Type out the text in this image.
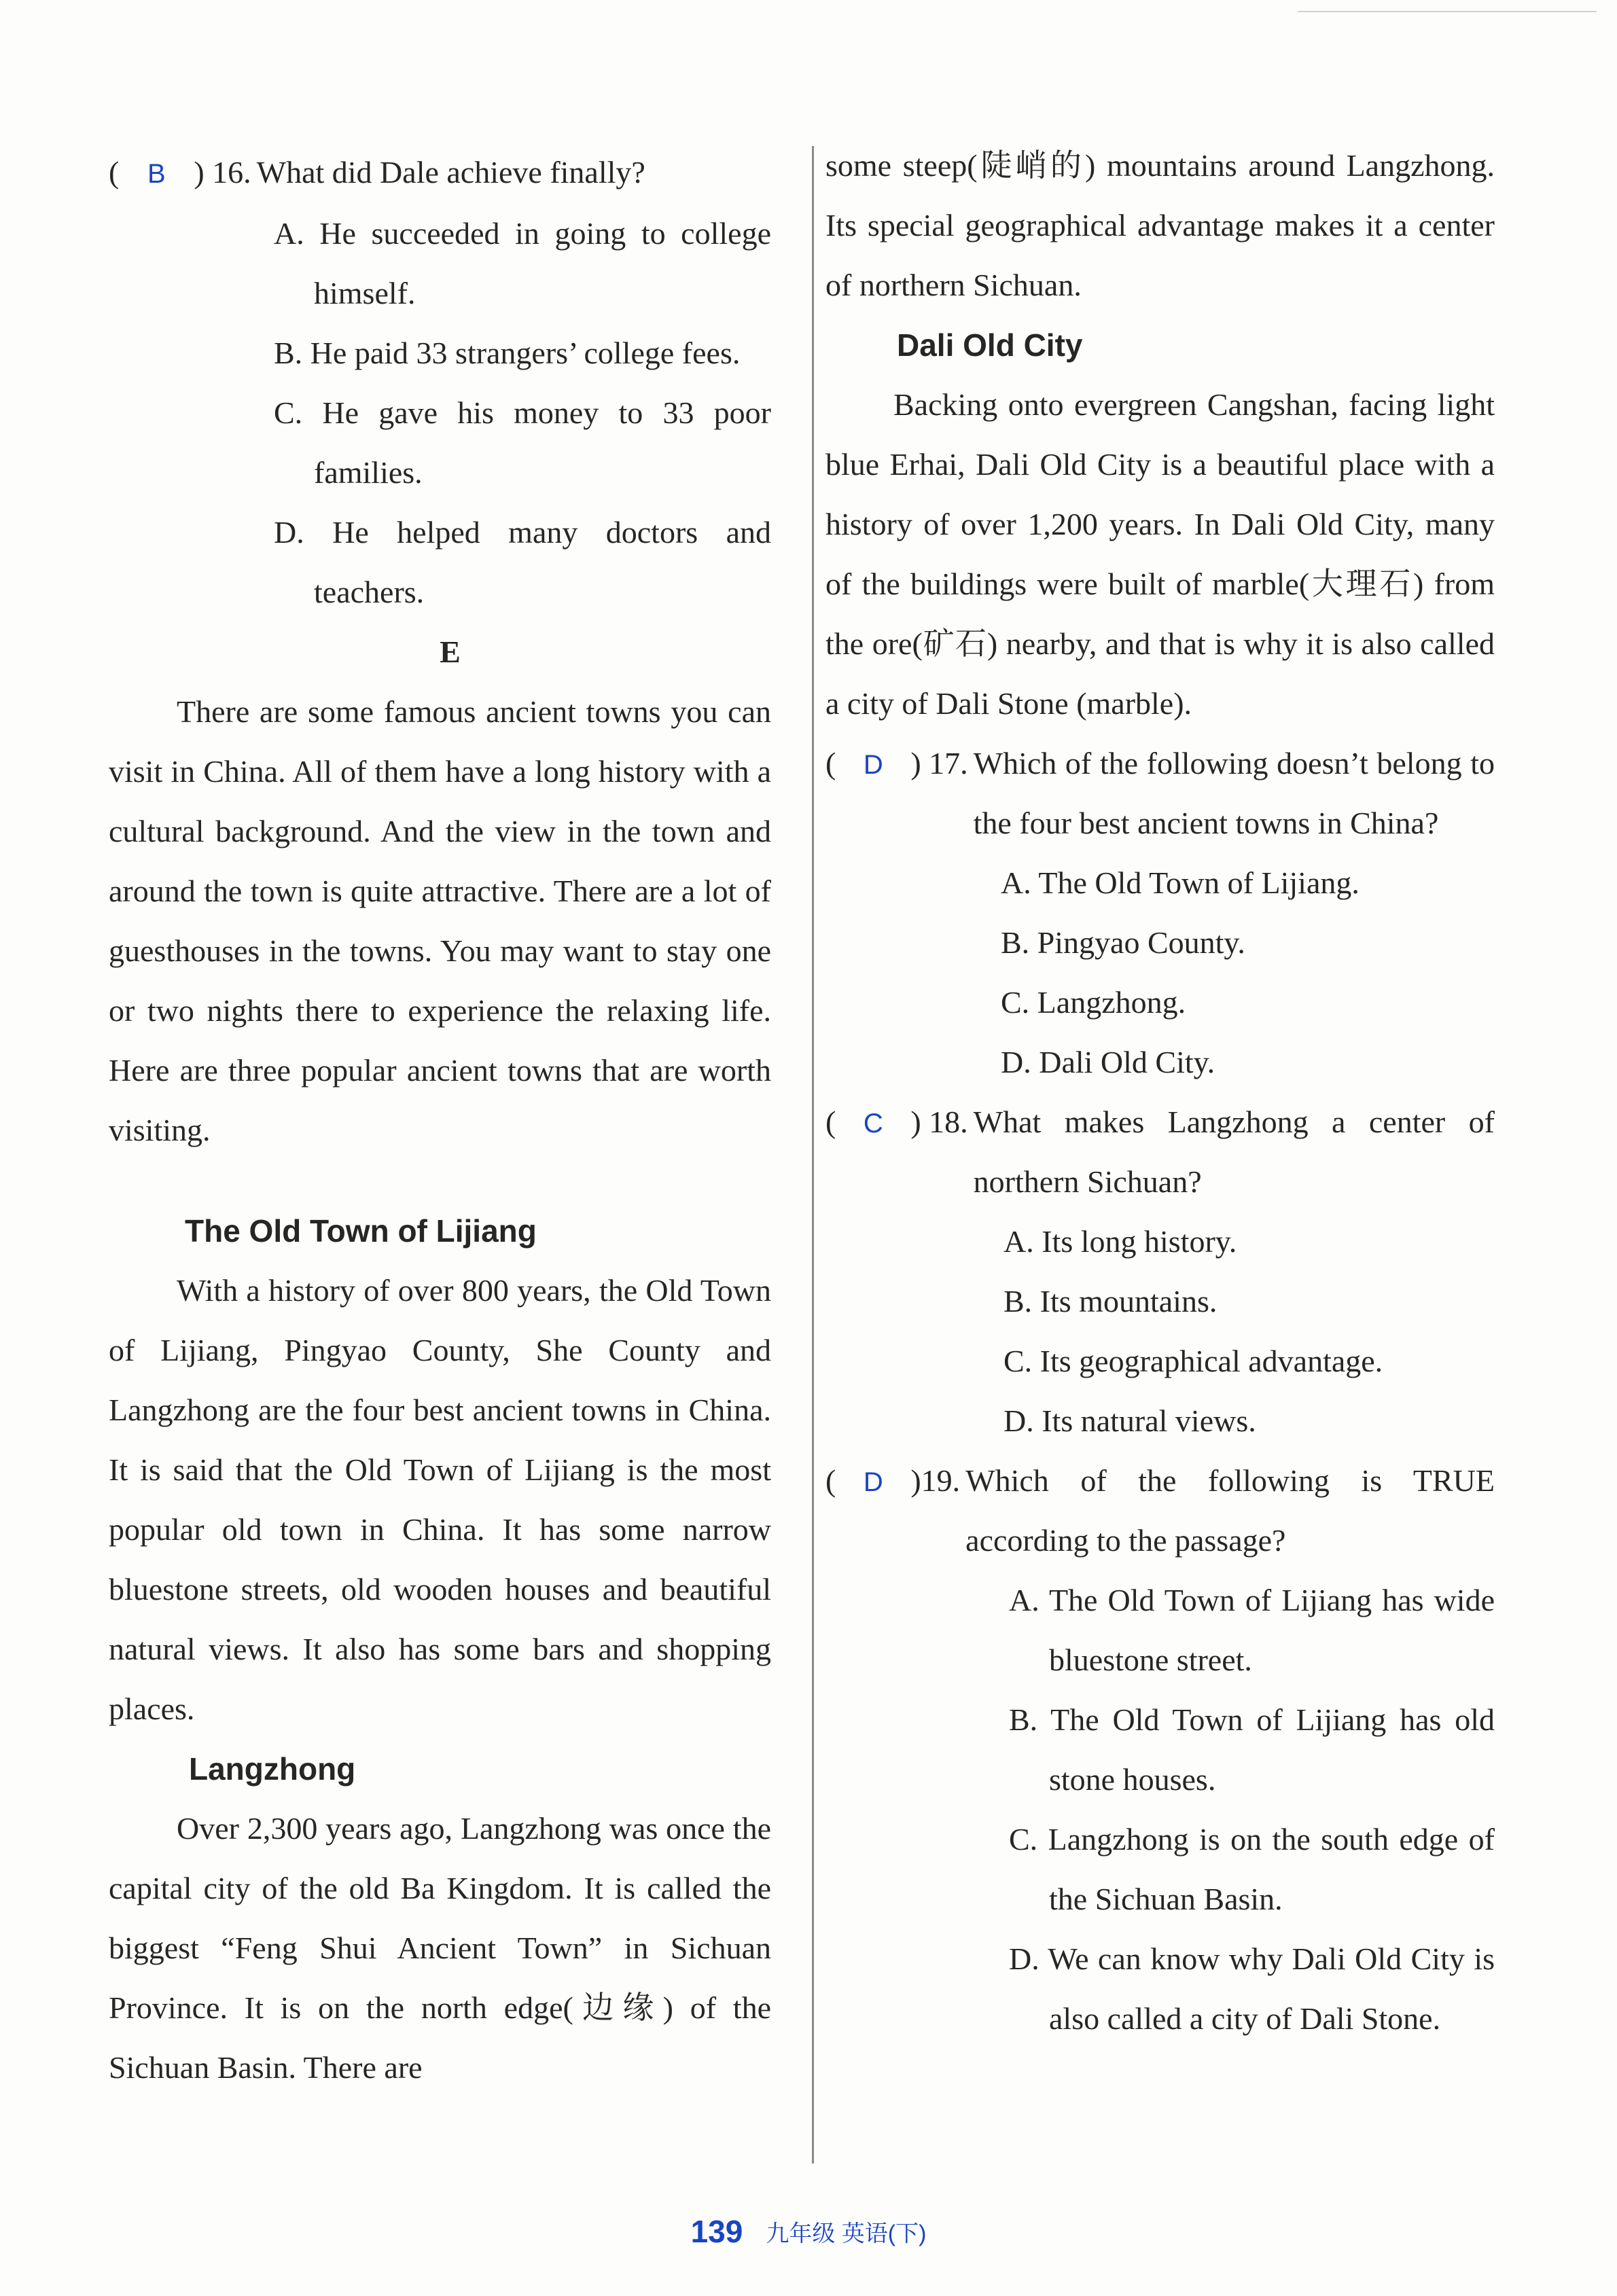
( B ) 16. What did Dale achieve finally?

A. He succeeded in going to college himself.

B. He paid 33 strangers’ college fees.

C. He gave his money to 33 poor families.

D. He helped many doctors and teachers.

E

There are some famous ancient towns you can visit in China. All of them have a long history with a cultural background. And the view in the town and around the town is quite attractive. There are a lot of guesthouses in the towns. You may want to stay one or two nights there to experience the relaxing life. Here are three popular ancient towns that are worth visiting.

The Old Town of Lijiang

With a history of over 800 years, the Old Town of Lijiang, Pingyao County, She County and Langzhong are the four best ancient towns in China. It is said that the Old Town of Lijiang is the most popular old town in China. It has some narrow bluestone streets, old wooden houses and beautiful natural views. It also has some bars and shopping places.

Langzhong

Over 2,300 years ago, Langzhong was once the capital city of the old Ba Kingdom. It is called the biggest “Feng Shui Ancient Town” in Sichuan Province. It is on the north edge(边缘) of the Sichuan Basin. There are

some steep(陡峭的) mountains around Langzhong. Its special geographical advantage makes it a center of northern Sichuan.

Dali Old City

Backing onto evergreen Cangshan, facing light blue Erhai, Dali Old City is a beautiful place with a history of over 1,200 years. In Dali Old City, many of the buildings were built of marble(大理石) from the ore(矿石) nearby, and that is why it is also called a city of Dali Stone (marble).

( D ) 17. Which of the following doesn’t belong to the four best ancient towns in China?

A. The Old Town of Lijiang.

B. Pingyao County.

C. Langzhong.

D. Dali Old City.

( C ) 18. What makes Langzhong a center of northern Sichuan?

A. Its long history.

B. Its mountains.

C. Its geographical advantage.

D. Its natural views.

( D )19. Which of the following is TRUE according to the passage?

A. The Old Town of Lijiang has wide bluestone street.

B. The Old Town of Lijiang has old stone houses.

C. Langzhong is on the south edge of the Sichuan Basin.

D. We can know why Dali Old City is also called a city of Dali Stone.

139 九年级 英语(下)
